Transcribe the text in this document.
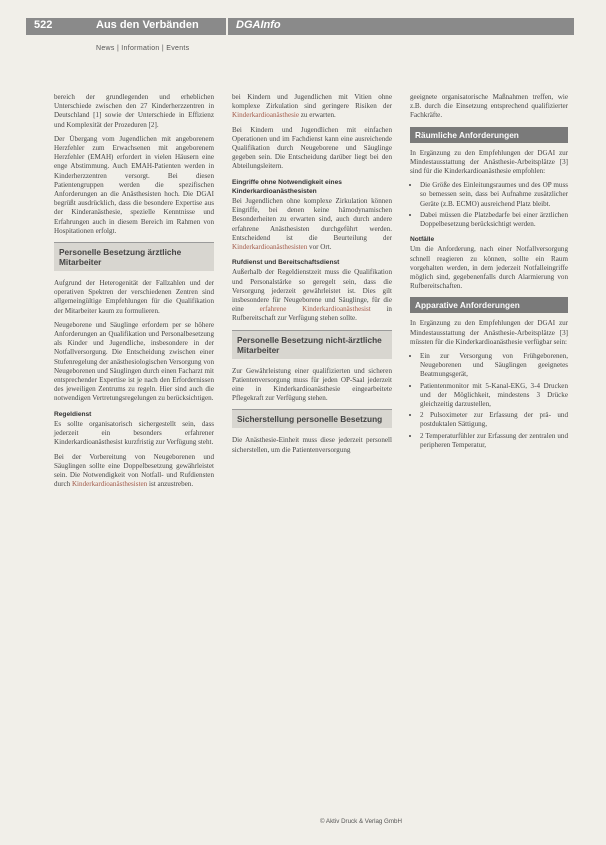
522	Aus den Verbänden	DGAInfo
News | Information | Events

bereich der grundlegenden und erheblichen Unterschiede zwischen den 27 Kinderherzzentren in Deutschland [1] sowie der Unterschiede in Effizienz und Komplexität der Prozeduren [2].

Der Übergang vom Jugendlichen mit angeborenem Herzfehler zum Erwachsenen mit angeborenem Herzfehler (EMAH) erfordert in vielen Häusern eine enge Abstimmung. Auch EMAH-Patienten werden in Kinderherzzentren versorgt. Bei diesen Patientengruppen werden die spezifischen Anforderungen an die Anästhesisten hoch. Die DGAI begrüßt ausdrücklich, dass die besondere Expertise aus der Kinderanästhesie, spezielle Kenntnisse und Erfahrungen auch in diesem Bereich im Rahmen von Hospitationen erfolgt.

Personelle Besetzung ärztliche Mitarbeiter

Aufgrund der Heterogenität der Fallzahlen und der operativen Spektren der verschiedenen Zentren sind allgemeingültige Empfehlungen für die Qualifikation der Mitarbeiter kaum zu formulieren.

Neugeborene und Säuglinge erfordern per se höhere Anforderungen an Qualifikation und Personalbesetzung als Kinder und Jugendliche, insbesondere in der Notfallversorgung. Die Entscheidung zwischen einer Stufenregelung der anästhesiologischen Versorgung von Neugeborenen und Säuglingen durch einen Facharzt mit entsprechender Expertise ist je nach den Erfordernissen des jeweiligen Zentrums zu regeln. Hier sind auch die notwendigen Vertretungsregelungen zu berücksichtigen.

Regeldienst

Es sollte organisatorisch sichergestellt sein, dass jederzeit ein besonders erfahrener Kinderkardioanästhesist kurzfristig zur Verfügung steht.

Bei der Vorbereitung von Neugeborenen und Säuglingen sollte eine Doppelbesetzung gewährleistet sein. Die Notwendigkeit von Notfall- und Rufdiensten durch Kinderkardioanästhesisten ist anzustreben.

bei Kindern und Jugendlichen mit Vitien ohne komplexe Zirkulation sind geringere Risiken der Kinderkardioanästhesie zu erwarten.

Bei Kindern und Jugendlichen mit einfachen Operationen und im Fachdienst kann eine ausreichende Qualifikation durch Neugeborene und Säuglinge gegeben sein. Die Entscheidung darüber liegt bei den Abteilungsleitern.

Eingriffe ohne Notwendigkeit eines Kinderkardioanästhesisten

Bei Jugendlichen ohne komplexe Zirkulation können Eingriffe, bei denen keine hämodynamischen Besonderheiten zu erwarten sind, auch durch andere erfahrene Anästhesisten durchgeführt werden. Entscheidend ist die Beurteilung der Kinderkardioanästhesisten vor Ort.

Rufdienst und Bereitschaftsdienst

Außerhalb der Regeldienstzeit muss die Qualifikation und Personalstärke so geregelt sein, dass die Versorgung jederzeit gewährleistet ist. Dies gilt insbesondere für Neugeborene und Säuglinge, für die eine erfahrene Kinderkardioanästhesist in Rufbereitschaft zur Verfügung stehen sollte.

Personelle Besetzung nicht-ärztliche Mitarbeiter

Zur Gewährleistung einer qualifizierten und sicheren Patientenversorgung muss für jeden OP-Saal jederzeit eine in Kinderkardioanästhesie eingearbeitete Pflegekraft zur Verfügung stehen.

Sicherstellung personelle Besetzung

Die Anästhesie-Einheit muss diese jederzeit personell sicherstellen, um die Patientenversorgung

geeignete organisatorische Maßnahmen treffen, wie z.B. durch die Einsetzung entsprechend qualifizierter Fachkräfte.

Räumliche Anforderungen

In Ergänzung zu den Empfehlungen der DGAI zur Mindestausstattung der Anästhesie-Arbeitsplätze [3] sind für die Kinderkardioanästhesie empfohlen:

• Die Größe des Einleitungsraumes und des OP muss so bemessen sein, dass bei Aufnahme zusätzlicher Geräte (z.B. ECMO) ausreichend Platz bleibt.
• Dabei müssen die Platzbedarfe bei einer ärztlichen Doppelbesetzung berücksichtigt werden.
Notfälle

Um die Anforderung, nach einer Notfallversorgung schnell reagieren zu können, sollte ein Raum vorgehalten werden, in dem jederzeit Notfalleingriffe möglich sind, gegebenenfalls durch Alarmierung von Rufbereitschaften.

Apparative Anforderungen

In Ergänzung zu den Empfehlungen der DGAI zur Mindestausstattung der Anästhesie-Arbeitsplätze [3] müssten für die Kinderkardioanästhesie verfügbar sein:

• Ein zur Versorgung von Frühgeborenen, Neugeborenen und Säuglingen geeignetes Beatmungsgerät,
• Patientenmonitor mit 5-Kanal-EKG, 3-4 Drucken und der Möglichkeit, mindestens 3 Drücke gleichzeitig darzustellen,
• 2 Pulsoximeter zur Erfassung der prä- und postduktalen Sättigung,
• 2 Temperaturfühler zur Erfassung der zentralen und peripheren Temperatur,
© Aktiv Druck & Verlag GmbH
